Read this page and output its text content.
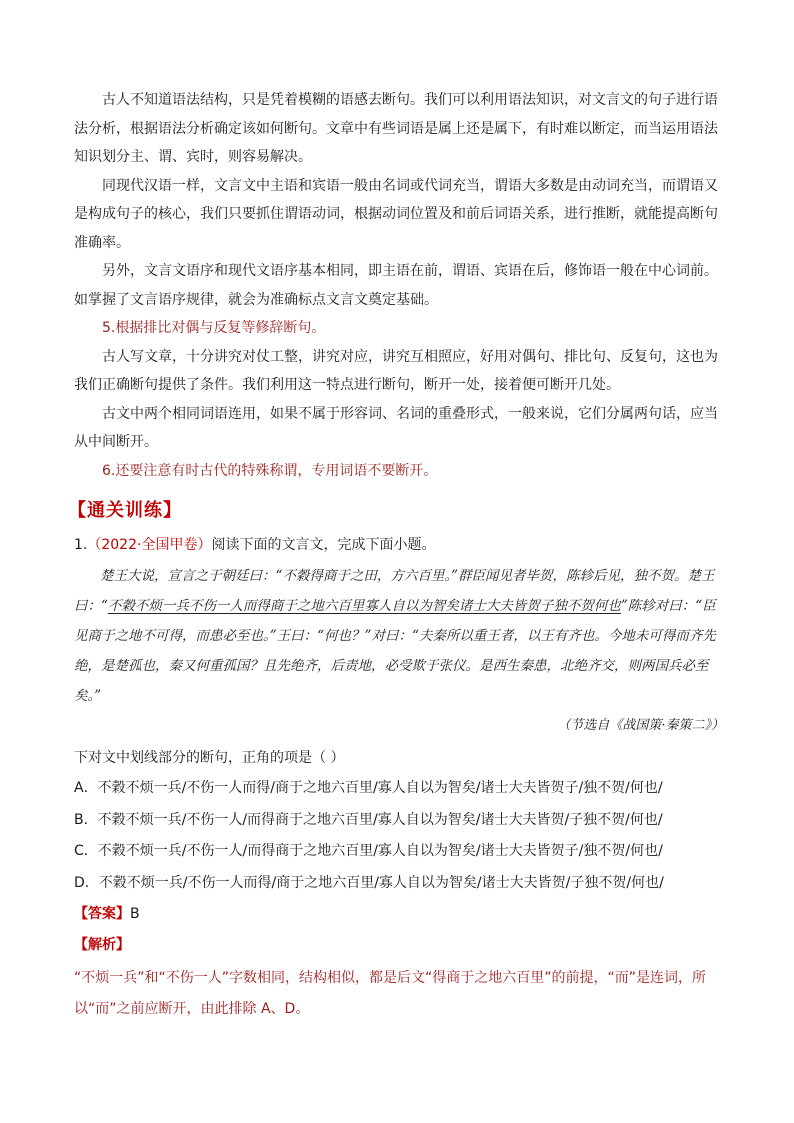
古人不知道语法结构，只是凭着模糊的语感去断句。我们可以利用语法知识，对文言文的句子进行语法分析，根据语法分析确定该如何断句。文章中有些词语是属上还是属下，有时难以断定，而当运用语法知识划分主、谓、宾时，则容易解决。

同现代汉语一样，文言文中主语和宾语一般由名词或代词充当，谓语大多数是由动词充当，而谓语又是构成句子的核心，我们只要抓住谓语动词，根据动词位置及和前后词语关系，进行推断，就能提高断句准确率。

另外，文言文语序和现代文语序基本相同，即主语在前，谓语、宾语在后，修饰语一般在中心词前。如掌握了文言语序规律，就会为准确标点文言文奠定基础。

5.根据排比对偶与反复等修辞断句。

古人写文章，十分讲究对仗工整，讲究对应，讲究互相照应，好用对偶句、排比句、反复句，这也为我们正确断句提供了条件。我们利用这一特点进行断句，断开一处，接着便可断开几处。

古文中两个相同词语连用，如果不属于形容词、名词的重叠形式，一般来说，它们分属两句话，应当从中间断开。

6.还要注意有时古代的特殊称谓，专用词语不要断开。

【通关训练】

1.（2022·全国甲卷）阅读下面的文言文，完成下面小题。

楚王大说，宣言之于朝廷曰：“不穀得商于之田，方六百里。”群臣闻见者毕贺，陈轸后见，独不贺。楚王曰：“不穀不烦一兵不伤一人而得商于之地六百里寡人自以为智矣诸士大夫皆贺子独不贺何也”陈轸对曰：“臣见商于之地不可得，而患必至也。”王曰：“何也？”对曰：“夫秦所以重王者，以王有齐也。今地未可得而齐先绝，是楚孤也，秦又何重孤国？且先绝齐，后责地，必受欺于张仪。是西生秦患，北绝齐交，则两国兵必至矣。”

（节选自《战国策·秦策二》）

下对文中划线部分的断句，正角的项是（ ）

A．不穀不烦一兵/不伤一人而得/商于之地六百里/寡人自以为智矣/诸士大夫皆贺子/独不贺/何也/

B．不穀不烦一兵/不伤一人/而得商于之地六百里/寡人自以为智矣/诸士大夫皆贺/子独不贺/何也/

C．不穀不烦一兵/不伤一人/而得商于之地六百里/寡人自以为智矣/诸士大夫皆贺子/独不贺/何也/

D．不穀不烦一兵/不伤一人而得/商于之地六百里/寡人自以为智矣/诸士大夫皆贺/子独不贺/何也/

【答案】B

【解析】

“不烦一兵”和“不伤一人”字数相同，结构相似，都是后文“得商于之地六百里”的前提，“而”是连词，所以“而”之前应断开，由此排除 A、D。
